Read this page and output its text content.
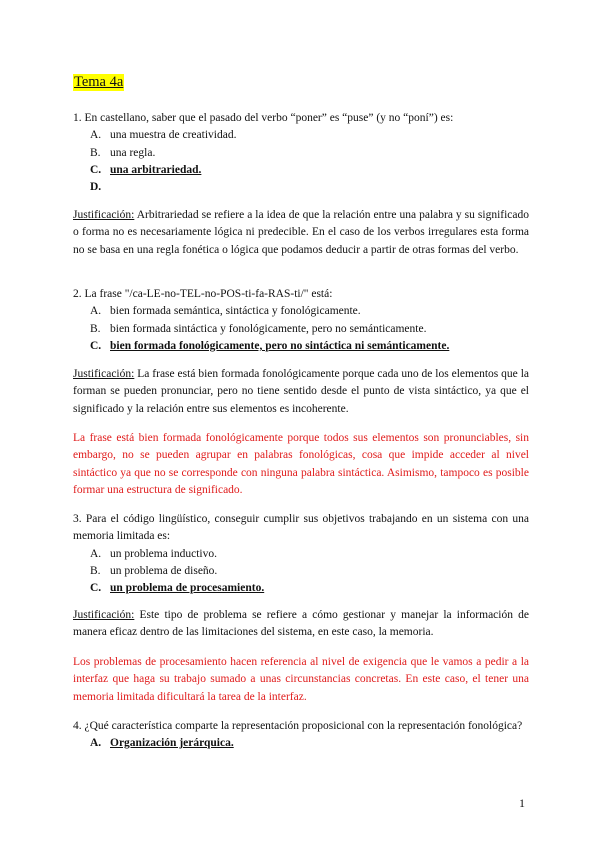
Tema 4a

1. En castellano, saber que el pasado del verbo “poner” es “puse” (y no “poní”) es:

A. una muestra de creatividad.
B. una regla.
C. una arbitrariedad.
D.

Justificación: Arbitrariedad se refiere a la idea de que la relación entre una palabra y su significado o forma no es necesariamente lógica ni predecible. En el caso de los verbos irregulares esta forma no se basa en una regla fonética o lógica que podamos deducir a partir de otras formas del verbo.

2. La frase "/ca-LE-no-TEL-no-POS-ti-fa-RAS-ti/" está:

A. bien formada semántica, sintáctica y fonológicamente.
B. bien formada sintáctica y fonológicamente, pero no semánticamente.
C. bien formada fonológicamente, pero no sintáctica ni semánticamente.

Justificación: La frase está bien formada fonológicamente porque cada uno de los elementos que la forman se pueden pronunciar, pero no tiene sentido desde el punto de vista sintáctico, ya que el significado y la relación entre sus elementos es incoherente.

La frase está bien formada fonológicamente porque todos sus elementos son pronunciables, sin embargo, no se pueden agrupar en palabras fonológicas, cosa que impide acceder al nivel sintáctico ya que no se corresponde con ninguna palabra sintáctica. Asimismo, tampoco es posible formar una estructura de significado.

3. Para el código lingüístico, conseguir cumplir sus objetivos trabajando en un sistema con una memoria limitada es:

A. un problema inductivo.
B. un problema de diseño.
C. un problema de procesamiento.

Justificación: Este tipo de problema se refiere a cómo gestionar y manejar la información de manera eficaz dentro de las limitaciones del sistema, en este caso, la memoria.

Los problemas de procesamiento hacen referencia al nivel de exigencia que le vamos a pedir a la interfaz que haga su trabajo sumado a unas circunstancias concretas. En este caso, el tener una memoria limitada dificultará la tarea de la interfaz.

4. ¿Qué característica comparte la representación proposicional con la representación fonológica?

A. Organización jerárquica.
1
